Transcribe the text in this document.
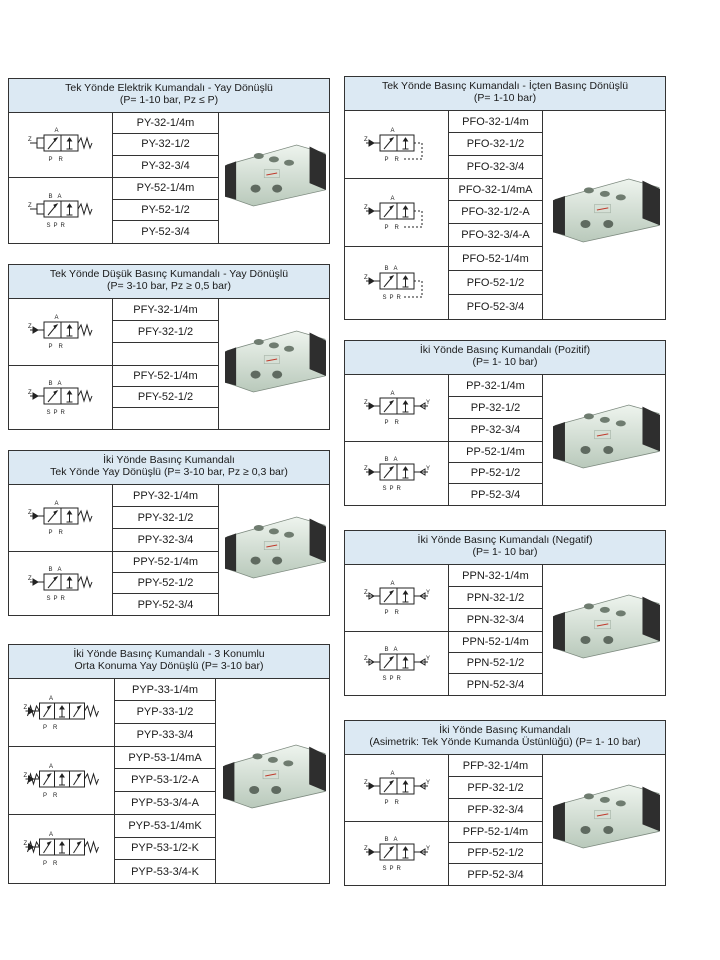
Tek Yönde Elektrik Kumandalı - Yay Dönüşlü
(P= 1-10 bar, Pz ≤ P)
A
P R
Z
PY-32-1/4m
PY-32-1/2
PY-32-3/4
B A
S P R
Z
PY-52-1/4m
PY-52-1/2
PY-52-3/4
Tek Yönde Düşük Basınç Kumandalı - Yay Dönüşlü
(P= 3-10 bar, Pz ≥ 0,5 bar)
A
P R
Z
PFY-32-1/4m
PFY-32-1/2
B A
S P R
Z
PFY-52-1/4m
PFY-52-1/2
İki Yönde Basınç Kumandalı
Tek Yönde Yay Dönüşlü (P= 3-10 bar, Pz ≥ 0,3 bar)
A
P R
Z
PPY-32-1/4m
PPY-32-1/2
PPY-32-3/4
B A
S P R
Z
PPY-52-1/4m
PPY-52-1/2
PPY-52-3/4
İki Yönde Basınç Kumandalı - 3 Konumlu
Orta Konuma Yay Dönüşlü (P= 3-10 bar)
A
P R
Z
PYP-33-1/4m
PYP-33-1/2
PYP-33-3/4
A
P R
Z
PYP-53-1/4mA
PYP-53-1/2-A
PYP-53-3/4-A
A
P R
Z
PYP-53-1/4mK
PYP-53-1/2-K
PYP-53-3/4-K
Tek Yönde Basınç Kumandalı - İçten Basınç Dönüşlü
(P= 1-10 bar)
A
P R
Z
PFO-32-1/4m
PFO-32-1/2
PFO-32-3/4
A
P R
Z
PFO-32-1/4mA
PFO-32-1/2-A
PFO-32-3/4-A
B A
S P R
Z
PFO-52-1/4m
PFO-52-1/2
PFO-52-3/4
İki Yönde Basınç Kumandalı (Pozitif)
(P= 1- 10 bar)
A
P R
Z	Y
PP-32-1/4m
PP-32-1/2
PP-32-3/4
B A
S P R
Z	Y
PP-52-1/4m
PP-52-1/2
PP-52-3/4
İki Yönde Basınç Kumandalı (Negatif)
(P= 1- 10 bar)
A
P R
Z	Y
PPN-32-1/4m
PPN-32-1/2
PPN-32-3/4
B A
S P R
Z	Y
PPN-52-1/4m
PPN-52-1/2
PPN-52-3/4
İki Yönde Basınç Kumandalı
(Asimetrik: Tek Yönde Kumanda Üstünlüğü) (P= 1- 10 bar)
A
P R
Z	Y
PFP-32-1/4m
PFP-32-1/2
PFP-32-3/4
B A
S P R
Z	Y
PFP-52-1/4m
PFP-52-1/2
PFP-52-3/4
